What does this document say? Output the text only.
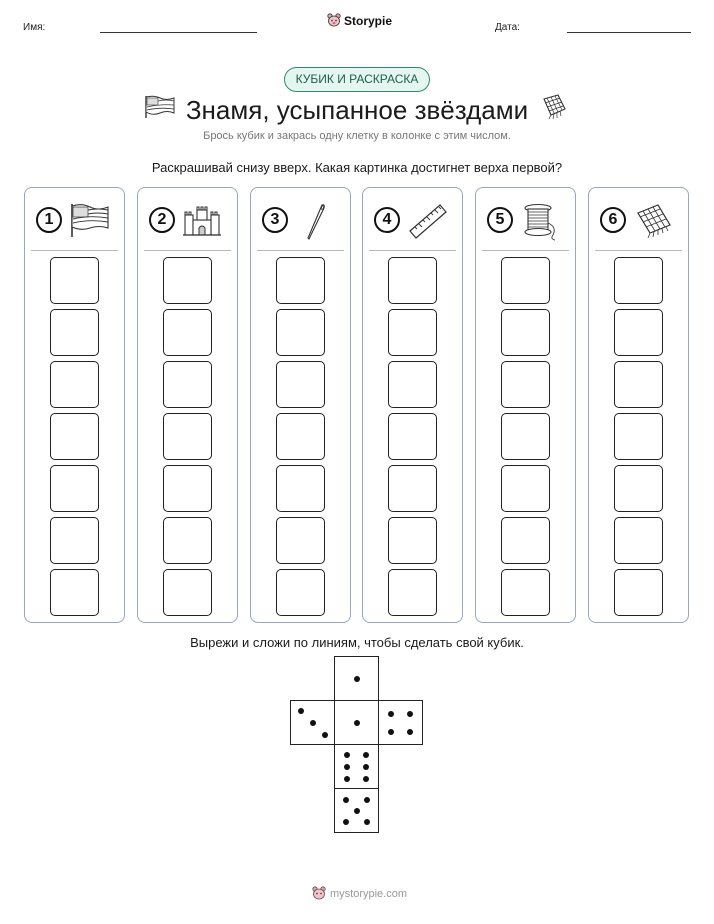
Имя:	Storypie	Дата:
КУБИК И РАСКРАСКА
Знамя, усыпанное звёздами
Брось кубик и закрась одну клетку в колонке с этим числом.
Раскрашивай снизу вверх. Какая картинка достигнет верха первой?
1	2	3	4	5	6
Вырежи и сложи по линиям, чтобы сделать свой кубик.
mystorypie.com
